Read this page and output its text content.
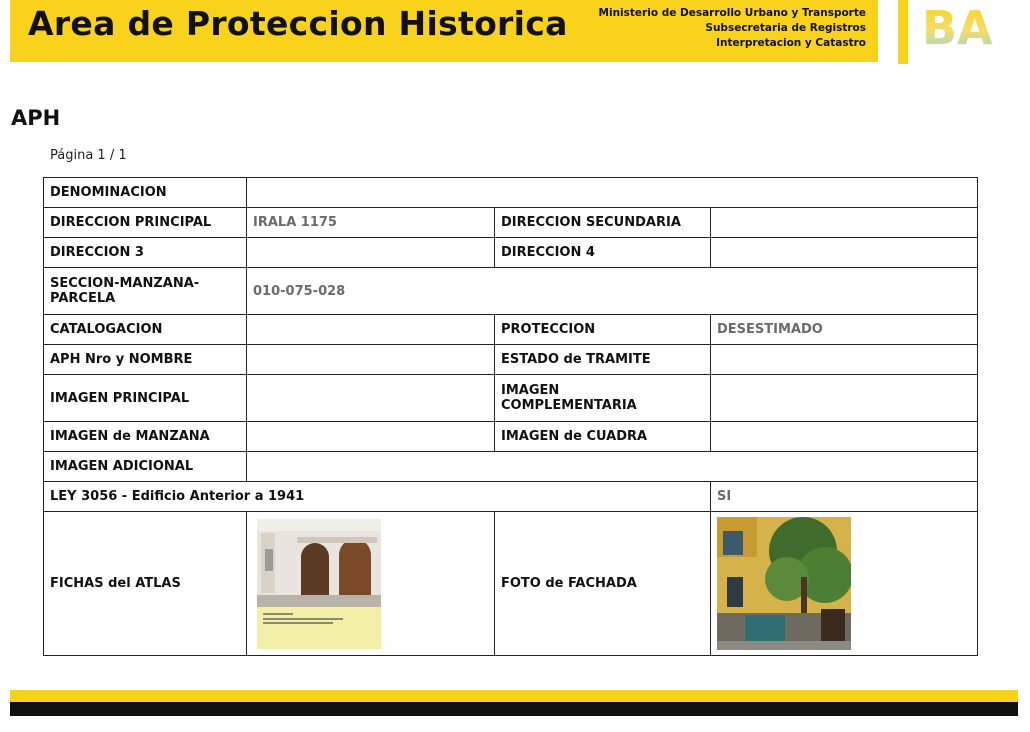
Area de Proteccion Historica	Ministerio de Desarrollo Urbano y Transporte
Subsecretaria de Registros
Interpretacion y Catastro BA
APH
Página 1 / 1
DENOMINACION			
DIRECCION PRINCIPAL	IRALA 1175	DIRECCION SECUNDARIA	
DIRECCION 3		DIRECCION 4	

SECCION-MANZANA-
PARCELA	010-075-028		
CATALOGACION		PROTECCION	DESESTIMADO
APH Nro y NOMBRE		ESTADO de TRAMITE	
IMAGEN PRINCIPAL		IMAGEN
COMPLEMENTARIA	

IMAGEN de MANZANA		IMAGEN de CUADRA	
IMAGEN ADICIONAL			
LEY 3056 - Edificio Anterior a 1941			SI
FICHAS del ATLAS		FOTO de FACHADA	
